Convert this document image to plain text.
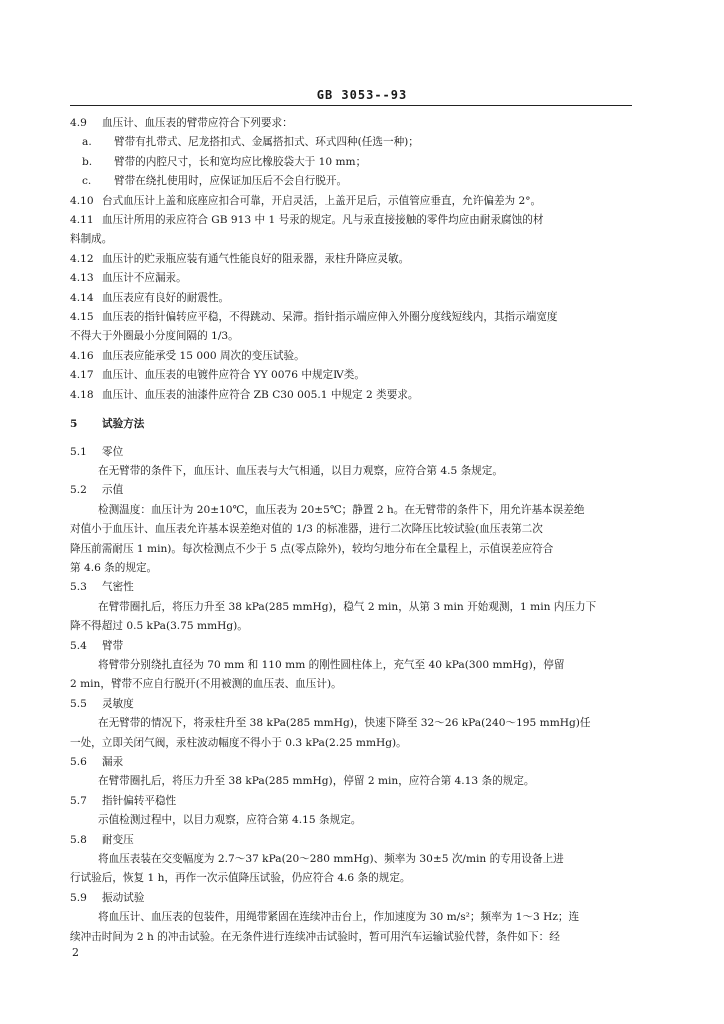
GB 3053--93
4.9 血压计、血压表的臂带应符合下列要求：
a. 臂带有扎带式、尼龙搭扣式、金属搭扣式、环式四种(任选一种)；
b. 臂带的内腔尺寸，长和宽均应比橡胶袋大于 10 mm；
c. 臂带在绕扎使用时，应保证加压后不会自行脱开。
4.10 台式血压计上盖和底座应扣合可靠，开启灵活，上盖开足后，示值管应垂直，允许偏差为 2°。
4.11 血压计所用的汞应符合 GB 913 中 1 号汞的规定。凡与汞直接接触的零件均应由耐汞腐蚀的材
料制成。
4.12 血压计的贮汞瓶应装有通气性能良好的阻汞器，汞柱升降应灵敏。
4.13 血压计不应漏汞。
4.14 血压表应有良好的耐震性。
4.15 血压表的指针偏转应平稳，不得跳动、呆滞。指针指示端应伸入外圈分度线短线内，其指示端宽度
不得大于外圈最小分度间隔的 1/3。
4.16 血压表应能承受 15 000 周次的变压试验。
4.17 血压计、血压表的电镀件应符合 YY 0076 中规定Ⅳ类。
4.18 血压计、血压表的油漆件应符合 ZB C30 005.1 中规定 2 类要求。
5 试验方法
5.1 零位
在无臂带的条件下，血压计、血压表与大气相通，以目力观察，应符合第 4.5 条规定。
5.2 示值
检测温度：血压计为 20±10℃，血压表为 20±5℃；静置 2 h。在无臂带的条件下，用允许基本误差绝
对值小于血压计、血压表允许基本误差绝对值的 1/3 的标准器，进行二次降压比较试验(血压表第二次
降压前需耐压 1 min)。每次检测点不少于 5 点(零点除外)，较均匀地分布在全量程上，示值误差应符合
第 4.6 条的规定。
5.3 气密性
在臂带圈扎后，将压力升至 38 kPa(285 mmHg)，稳气 2 min，从第 3 min 开始观测，1 min 内压力下
降不得超过 0.5 kPa(3.75 mmHg)。
5.4 臂带
将臂带分别绕扎直径为 70 mm 和 110 mm 的刚性圆柱体上，充气至 40 kPa(300 mmHg)，停留
2 min，臂带不应自行脱开(不用被测的血压表、血压计)。
5.5 灵敏度
在无臂带的情况下，将汞柱升至 38 kPa(285 mmHg)，快速下降至 32～26 kPa(240～195 mmHg)任
一处，立即关闭气阀，汞柱波动幅度不得小于 0.3 kPa(2.25 mmHg)。
5.6 漏汞
在臂带圈扎后，将压力升至 38 kPa(285 mmHg)，停留 2 min，应符合第 4.13 条的规定。
5.7 指针偏转平稳性
示值检测过程中，以目力观察，应符合第 4.15 条规定。
5.8 耐变压
将血压表装在交变幅度为 2.7～37 kPa(20～280 mmHg)、频率为 30±5 次/min 的专用设备上进
行试验后，恢复 1 h，再作一次示值降压试验，仍应符合 4.6 条的规定。
5.9 振动试验
将血压计、血压表的包装件，用绳带紧固在连续冲击台上，作加速度为 30 m/s²；频率为 1～3 Hz；连
续冲击时间为 2 h 的冲击试验。在无条件进行连续冲击试验时，暂可用汽车运输试验代替，条件如下：经
2
